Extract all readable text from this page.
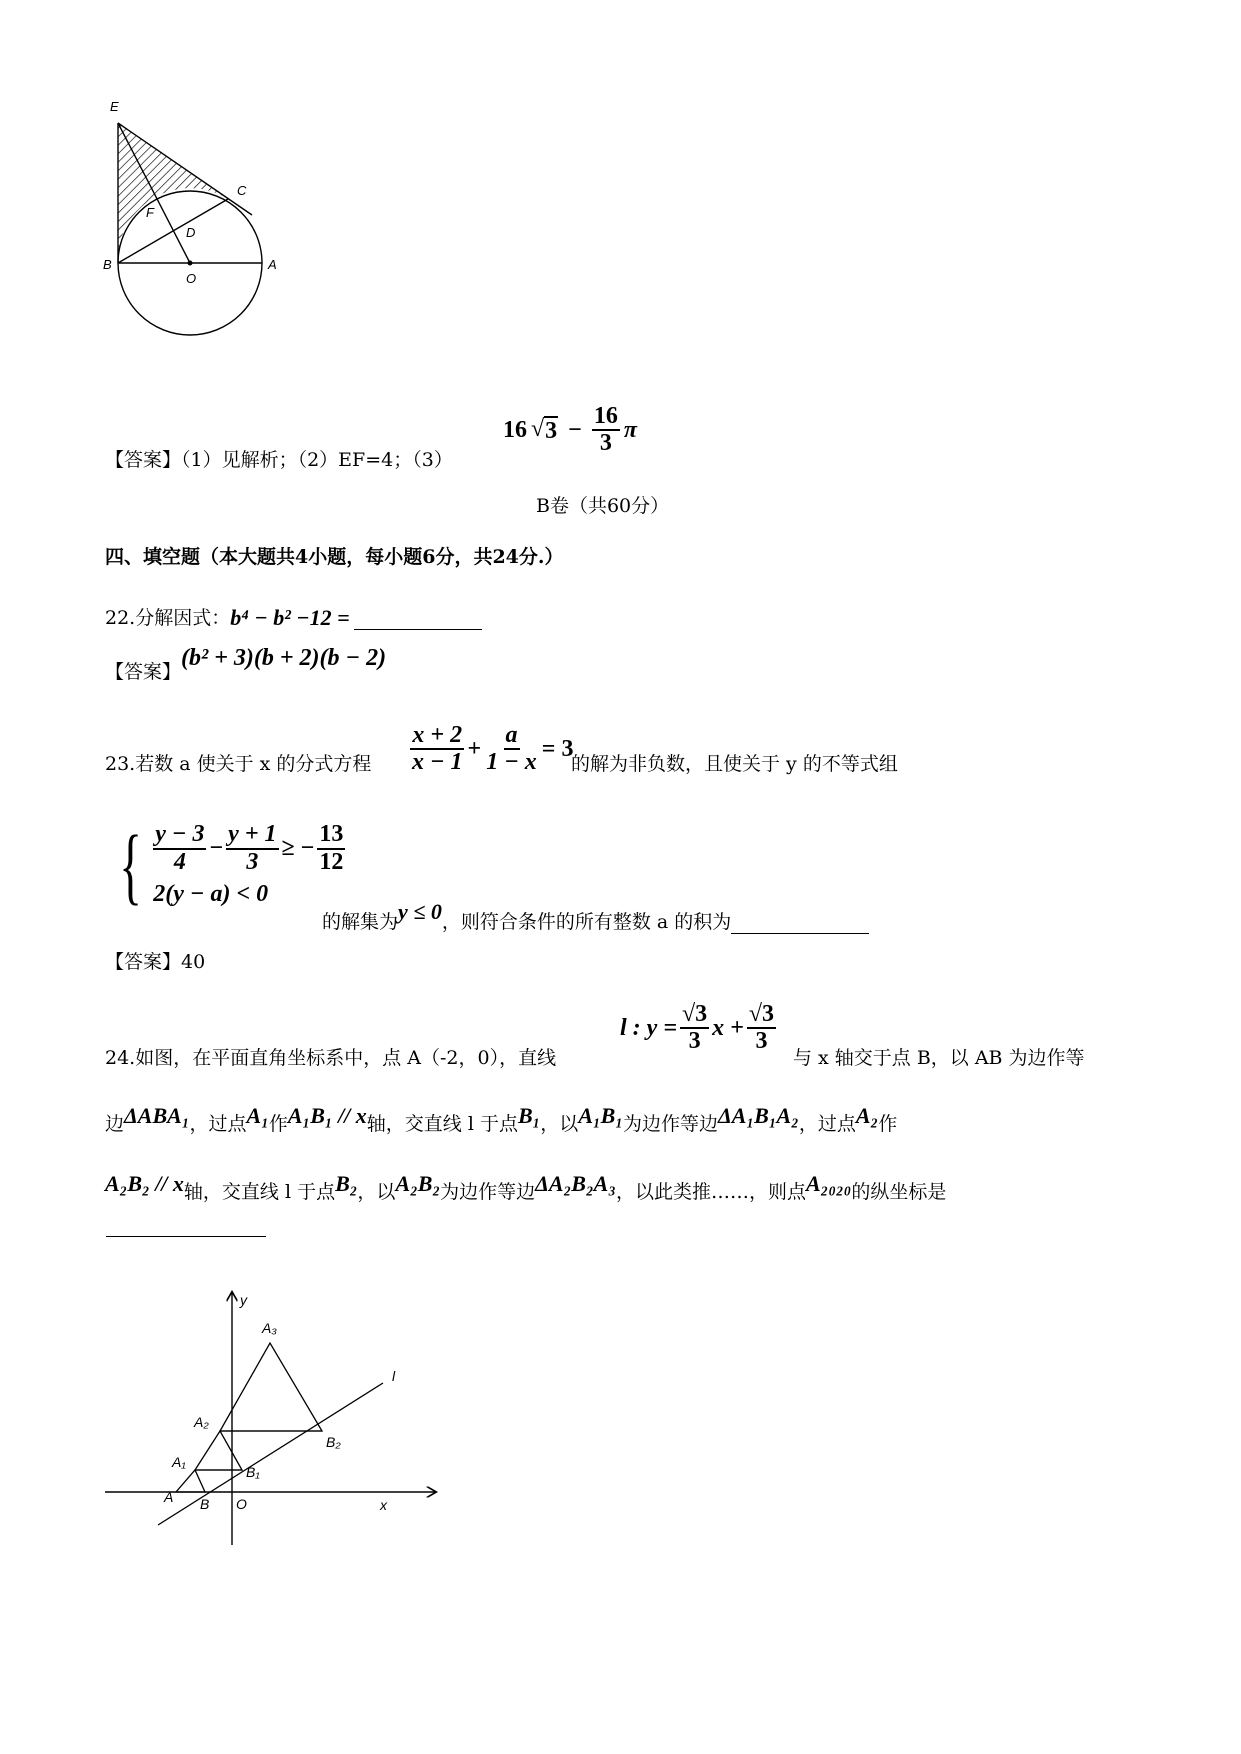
E
C
F
D
B
O
A
【答案】（1）见解析；（2）EF=4；（3）
16 √ $3 - \frac{16}{3}$ π
B卷（共60分）
四、填空题（本大题共4小题，每小题6分，共24分.）
22.分解因式： b⁴ − b² −12 =
【答案】
(b² + 3)(b + 2)(b − 2)
23.若数 a 使关于 x 的分式方程 $\frac{x + 2}{x - 1} + \frac{a}{1 - x} = 3$
的解为非负数，且使关于 y 的不等式组
{ $\frac{y - 3}{4} - \frac{y + 1}{3}$ ≥ − $\frac{13}{12}$
2(y − a) < 0
的解集为 y ≤ 0 ，则符合条件的所有整数 a 的积为
【答案】40
24.如图，在平面直角坐标系中，点 A（-2，0），直线
l : $y = \frac{√3}{3}$ $x + \frac{√3}{3}$
与 x 轴交于点 B，以 AB 为边作等
边 ΔABA₁ ，过点 A₁ 作 A₁B₁ // x 轴，交直线 l 于点 B₁ ，以 A₁B₁ 为边作等边 ΔA₁B₁A₂ ，过点 A₂ 作
A₂B₂ // x 轴，交直线 l 于点 B₂ ，以 A₂B₂ 为边作等边 ΔA₂B₂A₃ ，以此类推……，则点 A₂₀₂₀ 的纵坐标是
y
A₃
l
A₂
B₂
A₁
B₁
A B O	x
